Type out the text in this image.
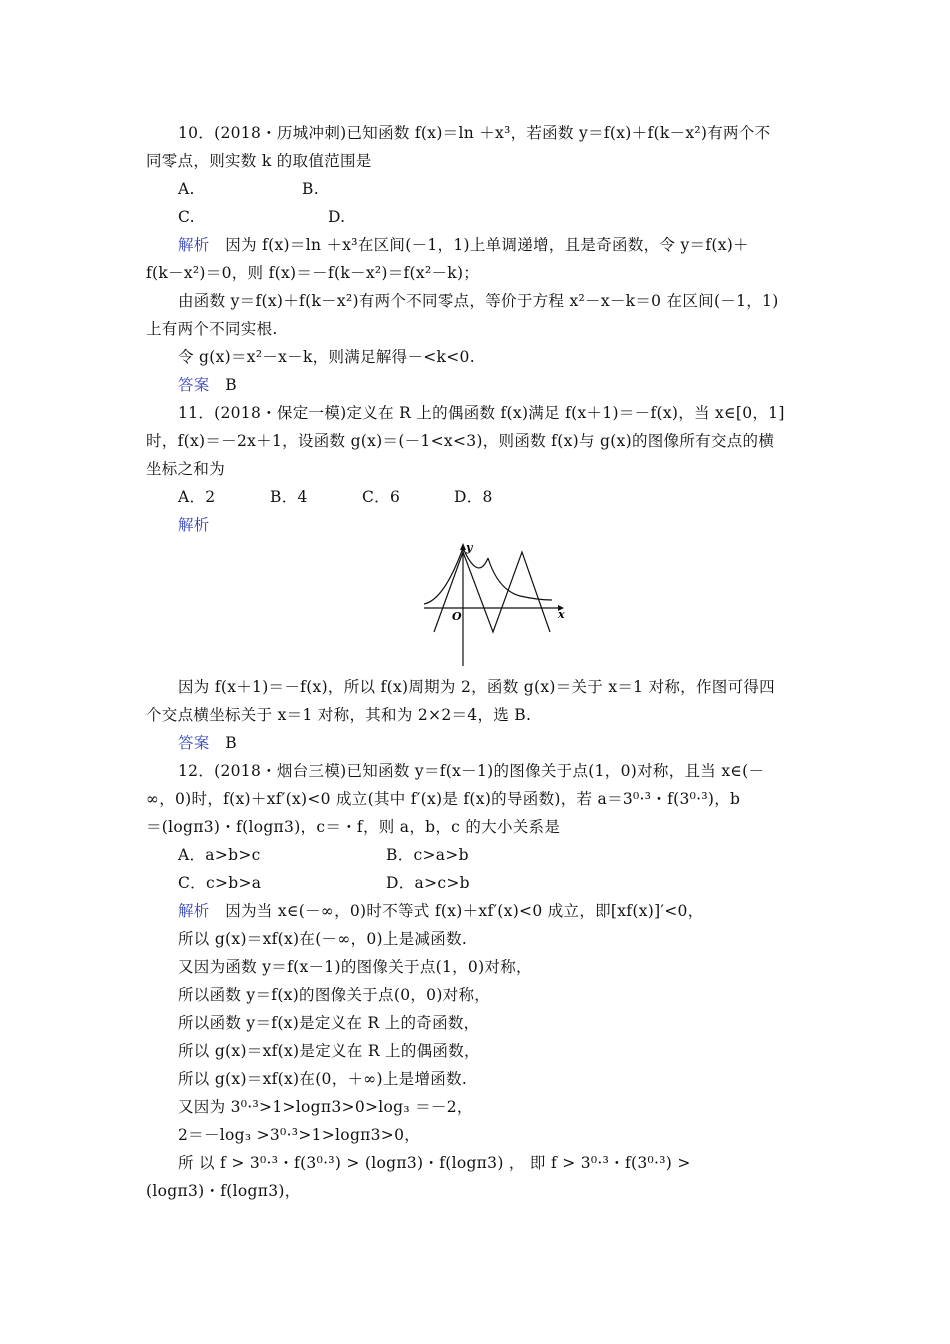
10．(2018・历城冲刺)已知函数 f(x)＝ln ＋x³，若函数 y＝f(x)＋f(k－x²)有两个不
同零点，则实数 k 的取值范围是
A.	B.
C.	D.
解析 因为 f(x)＝ln ＋x³在区间(－1，1)上单调递增，且是奇函数，令 y＝f(x)＋
f(k－x²)＝0，则 f(x)＝－f(k－x²)＝f(x²－k)；
由函数 y＝f(x)＋f(k－x²)有两个不同零点，等价于方程 x²－x－k＝0 在区间(－1，1)
上有两个不同实根.
令 g(x)＝x²－x－k，则满足解得－<k<0.
答案 B
11．(2018・保定一模)定义在 R 上的偶函数 f(x)满足 f(x＋1)＝－f(x)，当 x∈[0，1]
时，f(x)＝－2x＋1，设函数 g(x)＝(－1<x<3)，则函数 f(x)与 g(x)的图像所有交点的横
坐标之和为
A．2	B．4	C．6	D．8
解析
y
x
O
因为 f(x＋1)＝－f(x)，所以 f(x)周期为 2，函数 g(x)＝关于 x＝1 对称，作图可得四
个交点横坐标关于 x＝1 对称，其和为 2×2＝4，选 B.
答案 B
12．(2018・烟台三模)已知函数 y＝f(x－1)的图像关于点(1，0)对称，且当 x∈(－
∞，0)时，f(x)＋xf′(x)<0 成立(其中 f′(x)是 f(x)的导函数)，若 a＝3⁰·³・f(3⁰·³)，b
＝(logπ3)・f(logπ3)，c＝・f，则 a，b，c 的大小关系是
A．a>b>c	B．c>a>b
C．c>b>a	D．a>c>b
解析 因为当 x∈(－∞，0)时不等式 f(x)＋xf′(x)<0 成立，即[xf(x)]′<0，
所以 g(x)＝xf(x)在(－∞，0)上是减函数.
又因为函数 y＝f(x－1)的图像关于点(1，0)对称，
所以函数 y＝f(x)的图像关于点(0，0)对称，
所以函数 y＝f(x)是定义在 R 上的奇函数，
所以 g(x)＝xf(x)是定义在 R 上的偶函数，
所以 g(x)＝xf(x)在(0，＋∞)上是增函数.
又因为 3⁰·³>1>logπ3>0>log₃ ＝－2，
2＝－log₃ >3⁰·³>1>logπ3>0，
所 以 f > 3⁰·³・f(3⁰·³) > (logπ3)・f(logπ3) ， 即 f > 3⁰·³・f(3⁰·³) >
(logπ3)・f(logπ3)，
